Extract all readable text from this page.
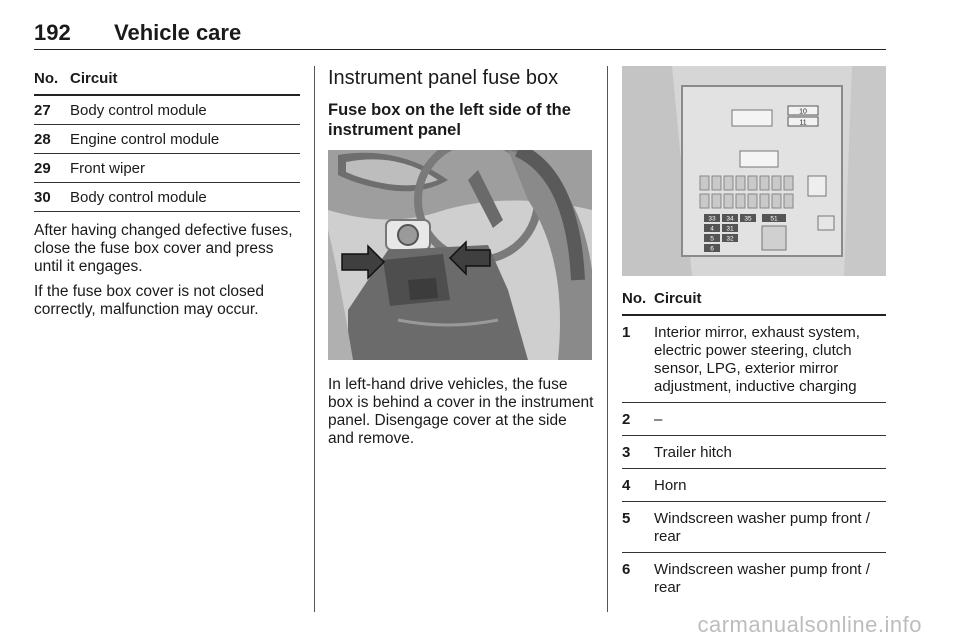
192 Vehicle care
No. Circuit
27 Body control module
28 Engine control module
29 Front wiper
30 Body control module

After having changed defective fuses, close the fuse box cover and press until it engages.

If the fuse box cover is not closed correctly, malfunction may occur.

Instrument panel fuse box
Fuse box on the left side of the instrument panel

In left-hand drive vehicles, the fuse box is behind a cover in the instrument panel. Disengage cover at the side and remove.

10
11
33 34 35
4
5
6
31
32
51
No. Circuit
1 Interior mirror, exhaust system, electric power steering, clutch sensor, LPG, exterior mirror adjustment, inductive charging
2 –
3 Trailer hitch
4 Horn
5 Windscreen washer pump front / rear
6 Windscreen washer pump front / rear
carmanualsonline.info
